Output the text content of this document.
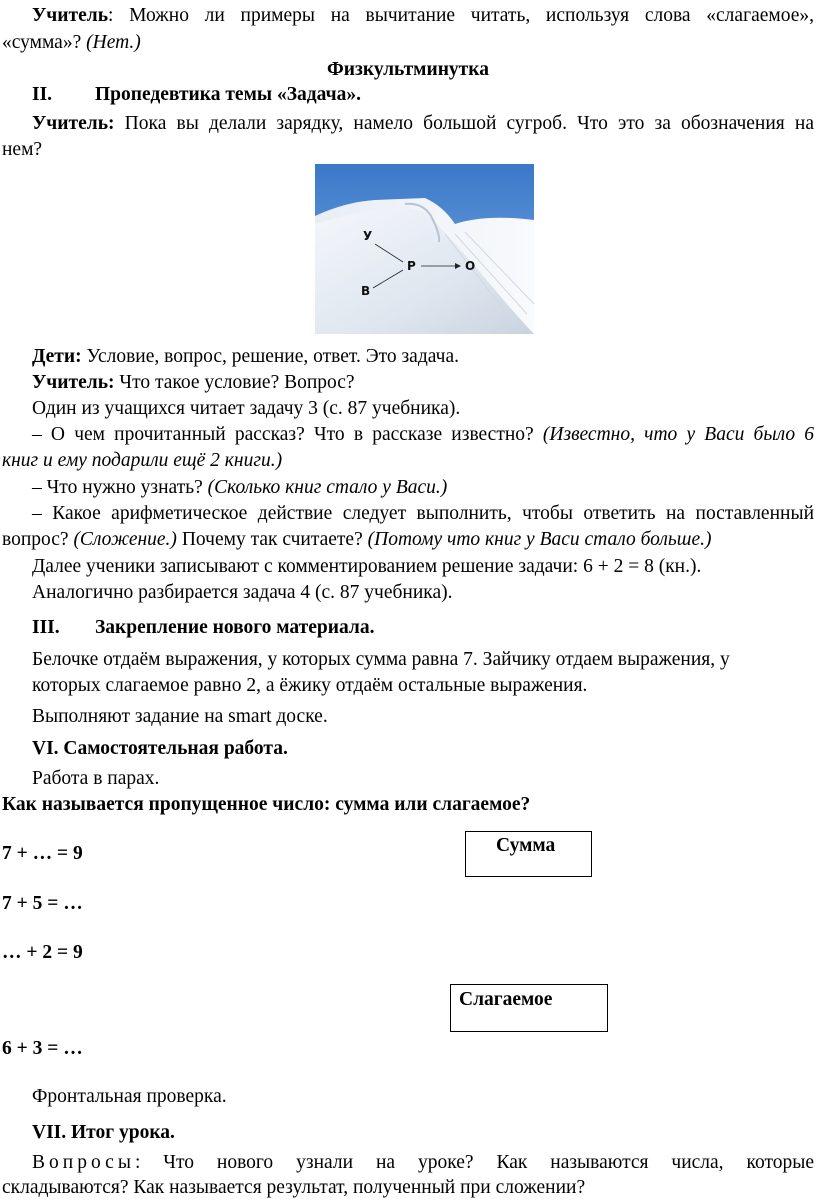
Учитель: Можно ли примеры на вычитание читать, используя слова «слагаемое»,
«сумма»? (Нет.)
Физкультминутка
II. Пропедевтика темы «Задача».
Учитель: Пока вы делали зарядку, намело большой сугроб. Что это за обозначения на
нем?
У
Р	О
В
Дети: Условие, вопрос, решение, ответ. Это задача.
Учитель: Что такое условие? Вопрос?
Один из учащихся читает задачу 3 (с. 87 учебника).
– О чем прочитанный рассказ? Что в рассказе известно? (Известно, что у Васи было 6
книг и ему подарили ещё 2 книги.)
– Что нужно узнать? (Сколько книг стало у Васи.)
– Какое арифметическое действие следует выполнить, чтобы ответить на поставленный
вопрос? (Сложение.) Почему так считаете? (Потому что книг у Васи стало больше.)
Далее ученики записывают с комментированием решение задачи: 6 + 2 = 8 (кн.).
Аналогично разбирается задача 4 (с. 87 учебника).
III. Закрепление нового материала.
Белочке отдаём выражения, у которых сумма равна 7. Зайчику отдаем выражения, у
которых слагаемое равно 2, а ёжику отдаём остальные выражения.
Выполняют задание на smart доске.
VI. Самостоятельная работа.
Работа в парах.
Как называется пропущенное число: сумма или слагаемое?
7 + … = 9
7 + 5 = …
… + 2 = 9
6 + 3 = …
Сумма
Слагаемое
Фронтальная проверка.
VII. Итог урока.
Вопросы: Что нового узнали на уроке? Как называются числа, которые
складываются? Как называется результат, полученный при сложении?
